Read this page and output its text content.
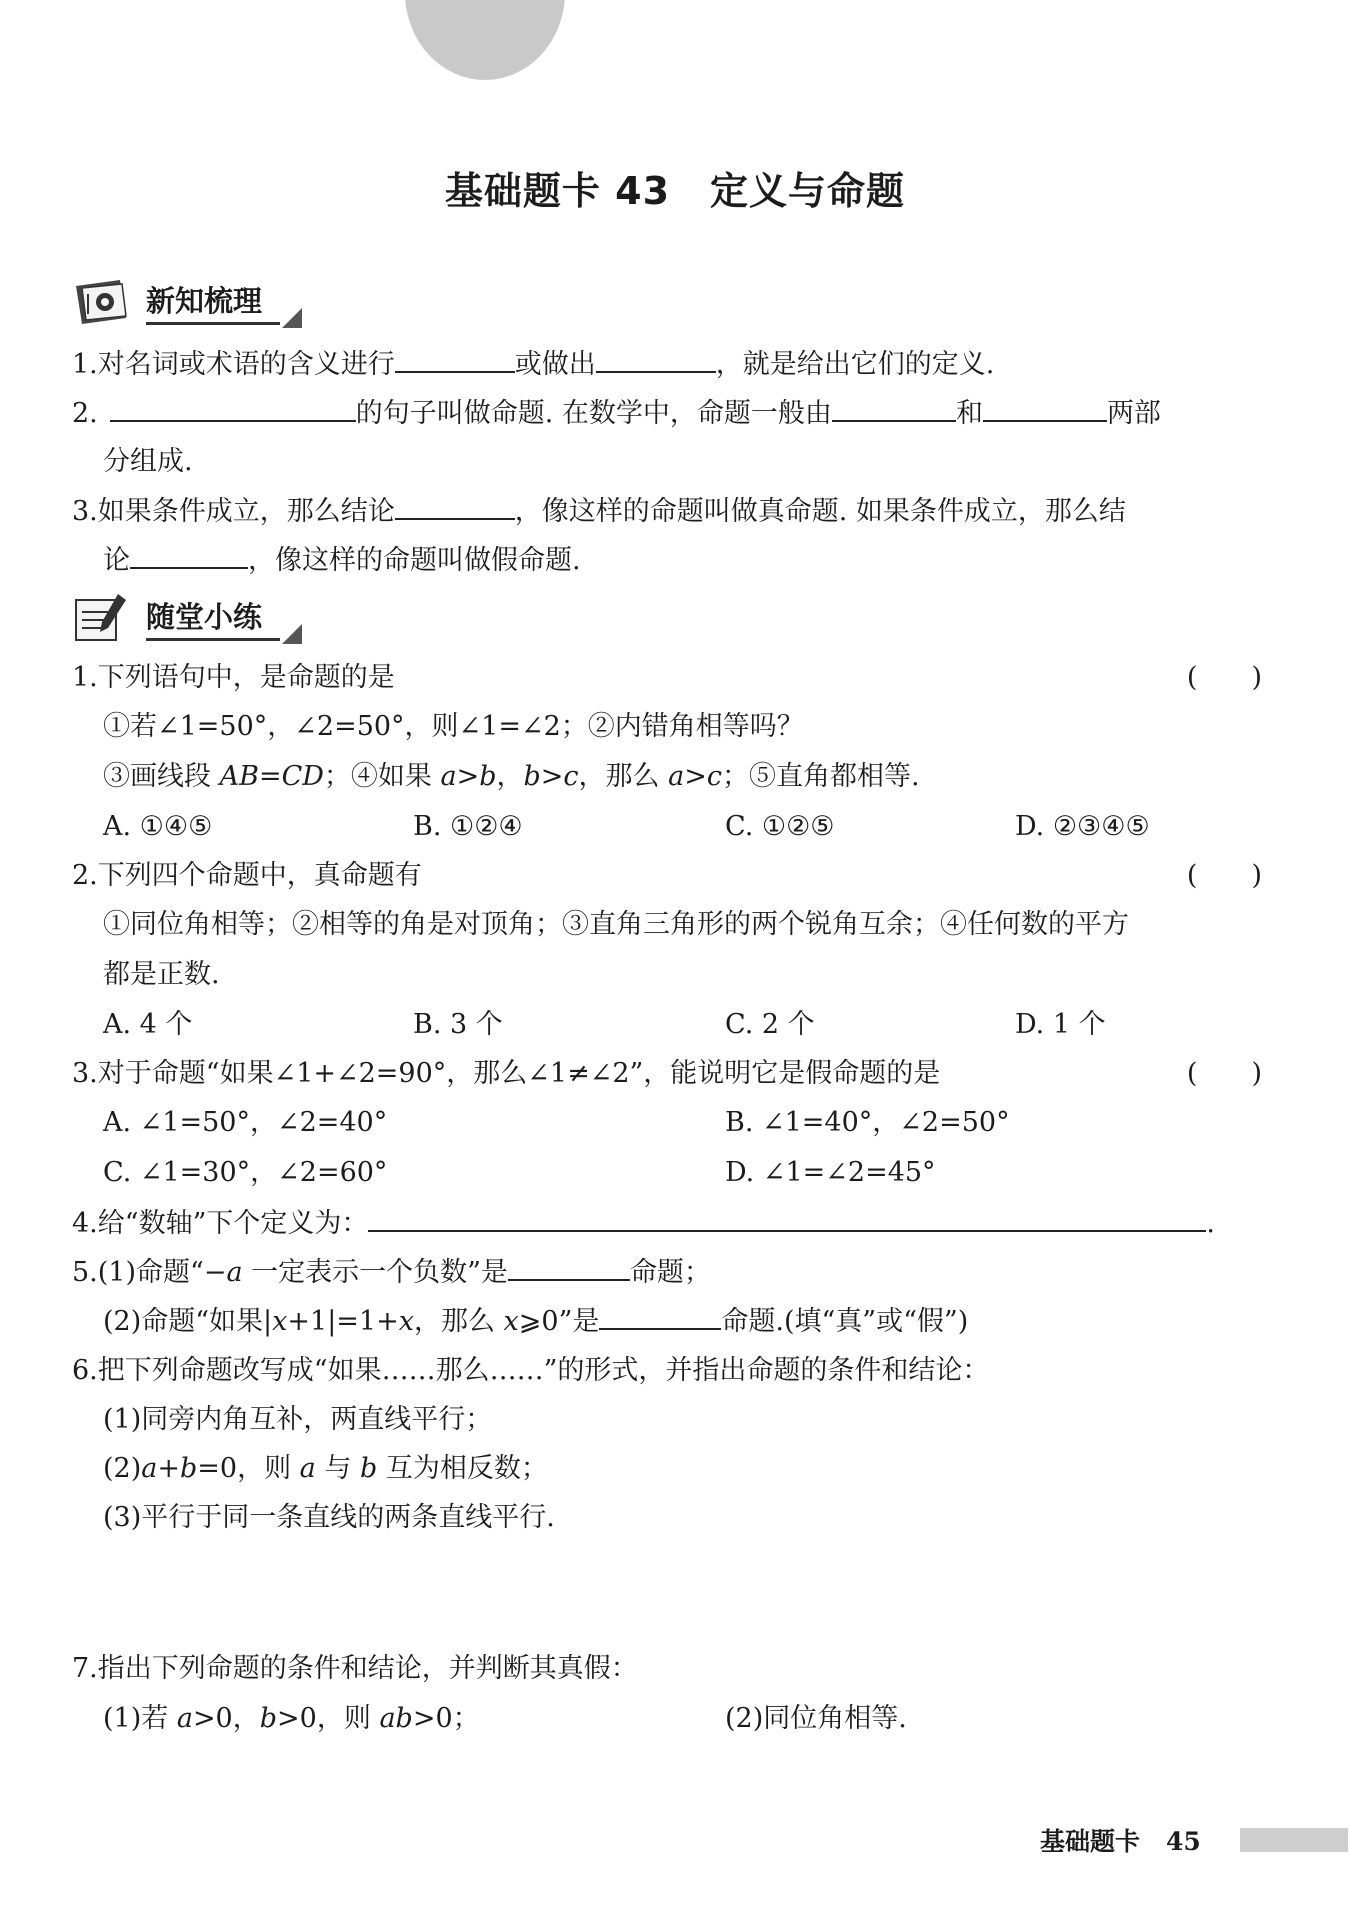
基础题卡 43 定义与命题
新知梳理
1.对名词或术语的含义进行	或做出	，就是给出它们的定义.
2.	的句子叫做命题. 在数学中，命题一般由	和	两部
分组成.
3.如果条件成立，那么结论	，像这样的命题叫做真命题. 如果条件成立，那么结
论	，像这样的命题叫做假命题.
随堂小练
1.下列语句中，是命题的是	(　　)
①若∠1=50°，∠2=50°，则∠1=∠2；②内错角相等吗？
③画线段 AB=CD；④如果 a>b，b>c，那么 a>c；⑤直角都相等.
A. ①④⑤	B. ①②④	C. ①②⑤	D. ②③④⑤
2.下列四个命题中，真命题有	(　　)
①同位角相等；②相等的角是对顶角；③直角三角形的两个锐角互余；④任何数的平方
都是正数.
A. 4 个	B. 3 个	C. 2 个	D. 1 个
3.对于命题“如果∠1+∠2=90°，那么∠1≠∠2”，能说明它是假命题的是	(　　)
A. ∠1=50°，∠2=40°	B. ∠1=40°，∠2=50°
C. ∠1=30°，∠2=60°	D. ∠1=∠2=45°
4.给“数轴”下个定义为：	.
5.(1)命题“−a 一定表示一个负数”是	命题；
(2)命题“如果|x+1|=1+x，那么 x⩾0”是	命题.(填“真”或“假”)
6.把下列命题改写成“如果……那么……”的形式，并指出命题的条件和结论：
(1)同旁内角互补，两直线平行；
(2)a+b=0，则 a 与 b 互为相反数；
(3)平行于同一条直线的两条直线平行.
7.指出下列命题的条件和结论，并判断其真假：
(1)若 a>0，b>0，则 ab>0；	(2)同位角相等.
基础题卡 45
